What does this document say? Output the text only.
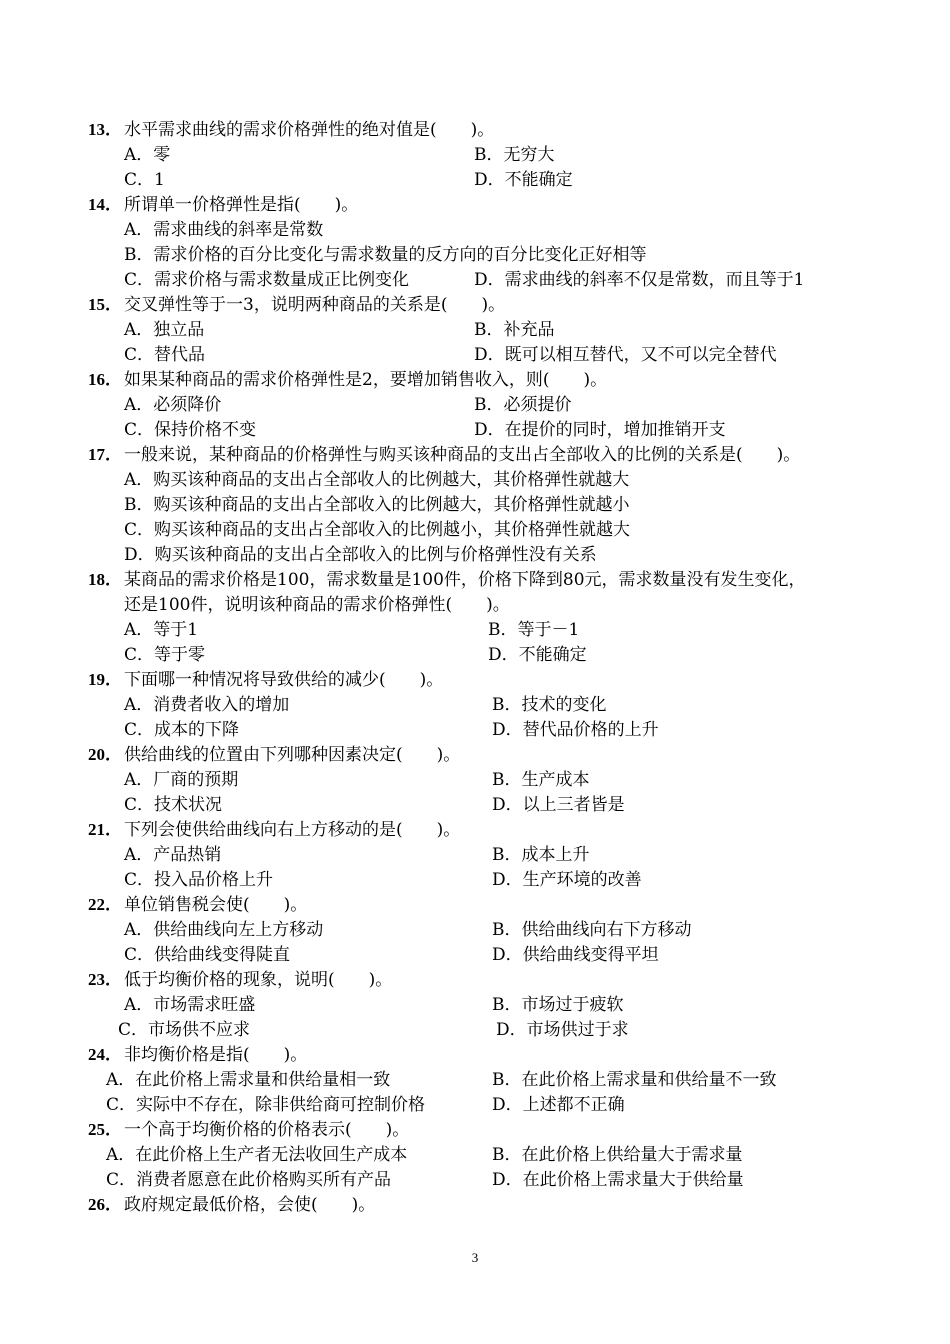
13． 水平需求曲线的需求价格弹性的绝对值是(　　)。
A．零	B．无穷大
C．1	D．不能确定
14． 所谓单一价格弹性是指(　　)。
A．需求曲线的斜率是常数
B．需求价格的百分比变化与需求数量的反方向的百分比变化正好相等
C．需求价格与需求数量成正比例变化	D．需求曲线的斜率不仅是常数，而且等于1
15． 交叉弹性等于一3，说明两种商品的关系是(　　)。
A．独立品	B．补充品
C．替代品	D．既可以相互替代，又不可以完全替代
16． 如果某种商品的需求价格弹性是2，要增加销售收入，则(　　)。
A．必须降价	B．必须提价
C．保持价格不变	D．在提价的同时，增加推销开支
17． 一般来说，某种商品的价格弹性与购买该种商品的支出占全部收入的比例的关系是(　　)。
A．购买该种商品的支出占全部收人的比例越大，其价格弹性就越大
B．购买该种商品的支出占全部收入的比例越大，其价格弹性就越小
C．购买该种商品的支出占全部收入的比例越小，其价格弹性就越大
D．购买该种商品的支出占全部收入的比例与价格弹性没有关系
18． 某商品的需求价格是100，需求数量是100件，价格下降到80元，需求数量没有发生变化，
还是100件，说明该种商品的需求价格弹性(　　)。
A．等于1	B．等于－1
C．等于零	D．不能确定
19． 下面哪一种情况将导致供给的减少(　　)。
A．消费者收入的增加	B．技术的变化
C．成本的下降	D．替代品价格的上升
20． 供给曲线的位置由下列哪种因素决定(　　)。
A．厂商的预期	B．生产成本
C．技术状况	D．以上三者皆是
21． 下列会使供给曲线向右上方移动的是(　　)。
A．产品热销	B．成本上升
C．投入品价格上升	D．生产环境的改善
22． 单位销售税会使(　　)。
A．供给曲线向左上方移动	B．供给曲线向右下方移动
C．供给曲线变得陡直	D．供给曲线变得平坦
23． 低于均衡价格的现象，说明(　　)。
A．市场需求旺盛	B．市场过于疲软
C．市场供不应求	D．市场供过于求
24． 非均衡价格是指(　　)。
A．在此价格上需求量和供给量相一致	B．在此价格上需求量和供给量不一致
C．实际中不存在，除非供给商可控制价格	D．上述都不正确
25． 一个高于均衡价格的价格表示(　　)。
A．在此价格上生产者无法收回生产成本	B．在此价格上供给量大于需求量
C．消费者愿意在此价格购买所有产品	D．在此价格上需求量大于供给量
26． 政府规定最低价格，会使(　　)。
3
